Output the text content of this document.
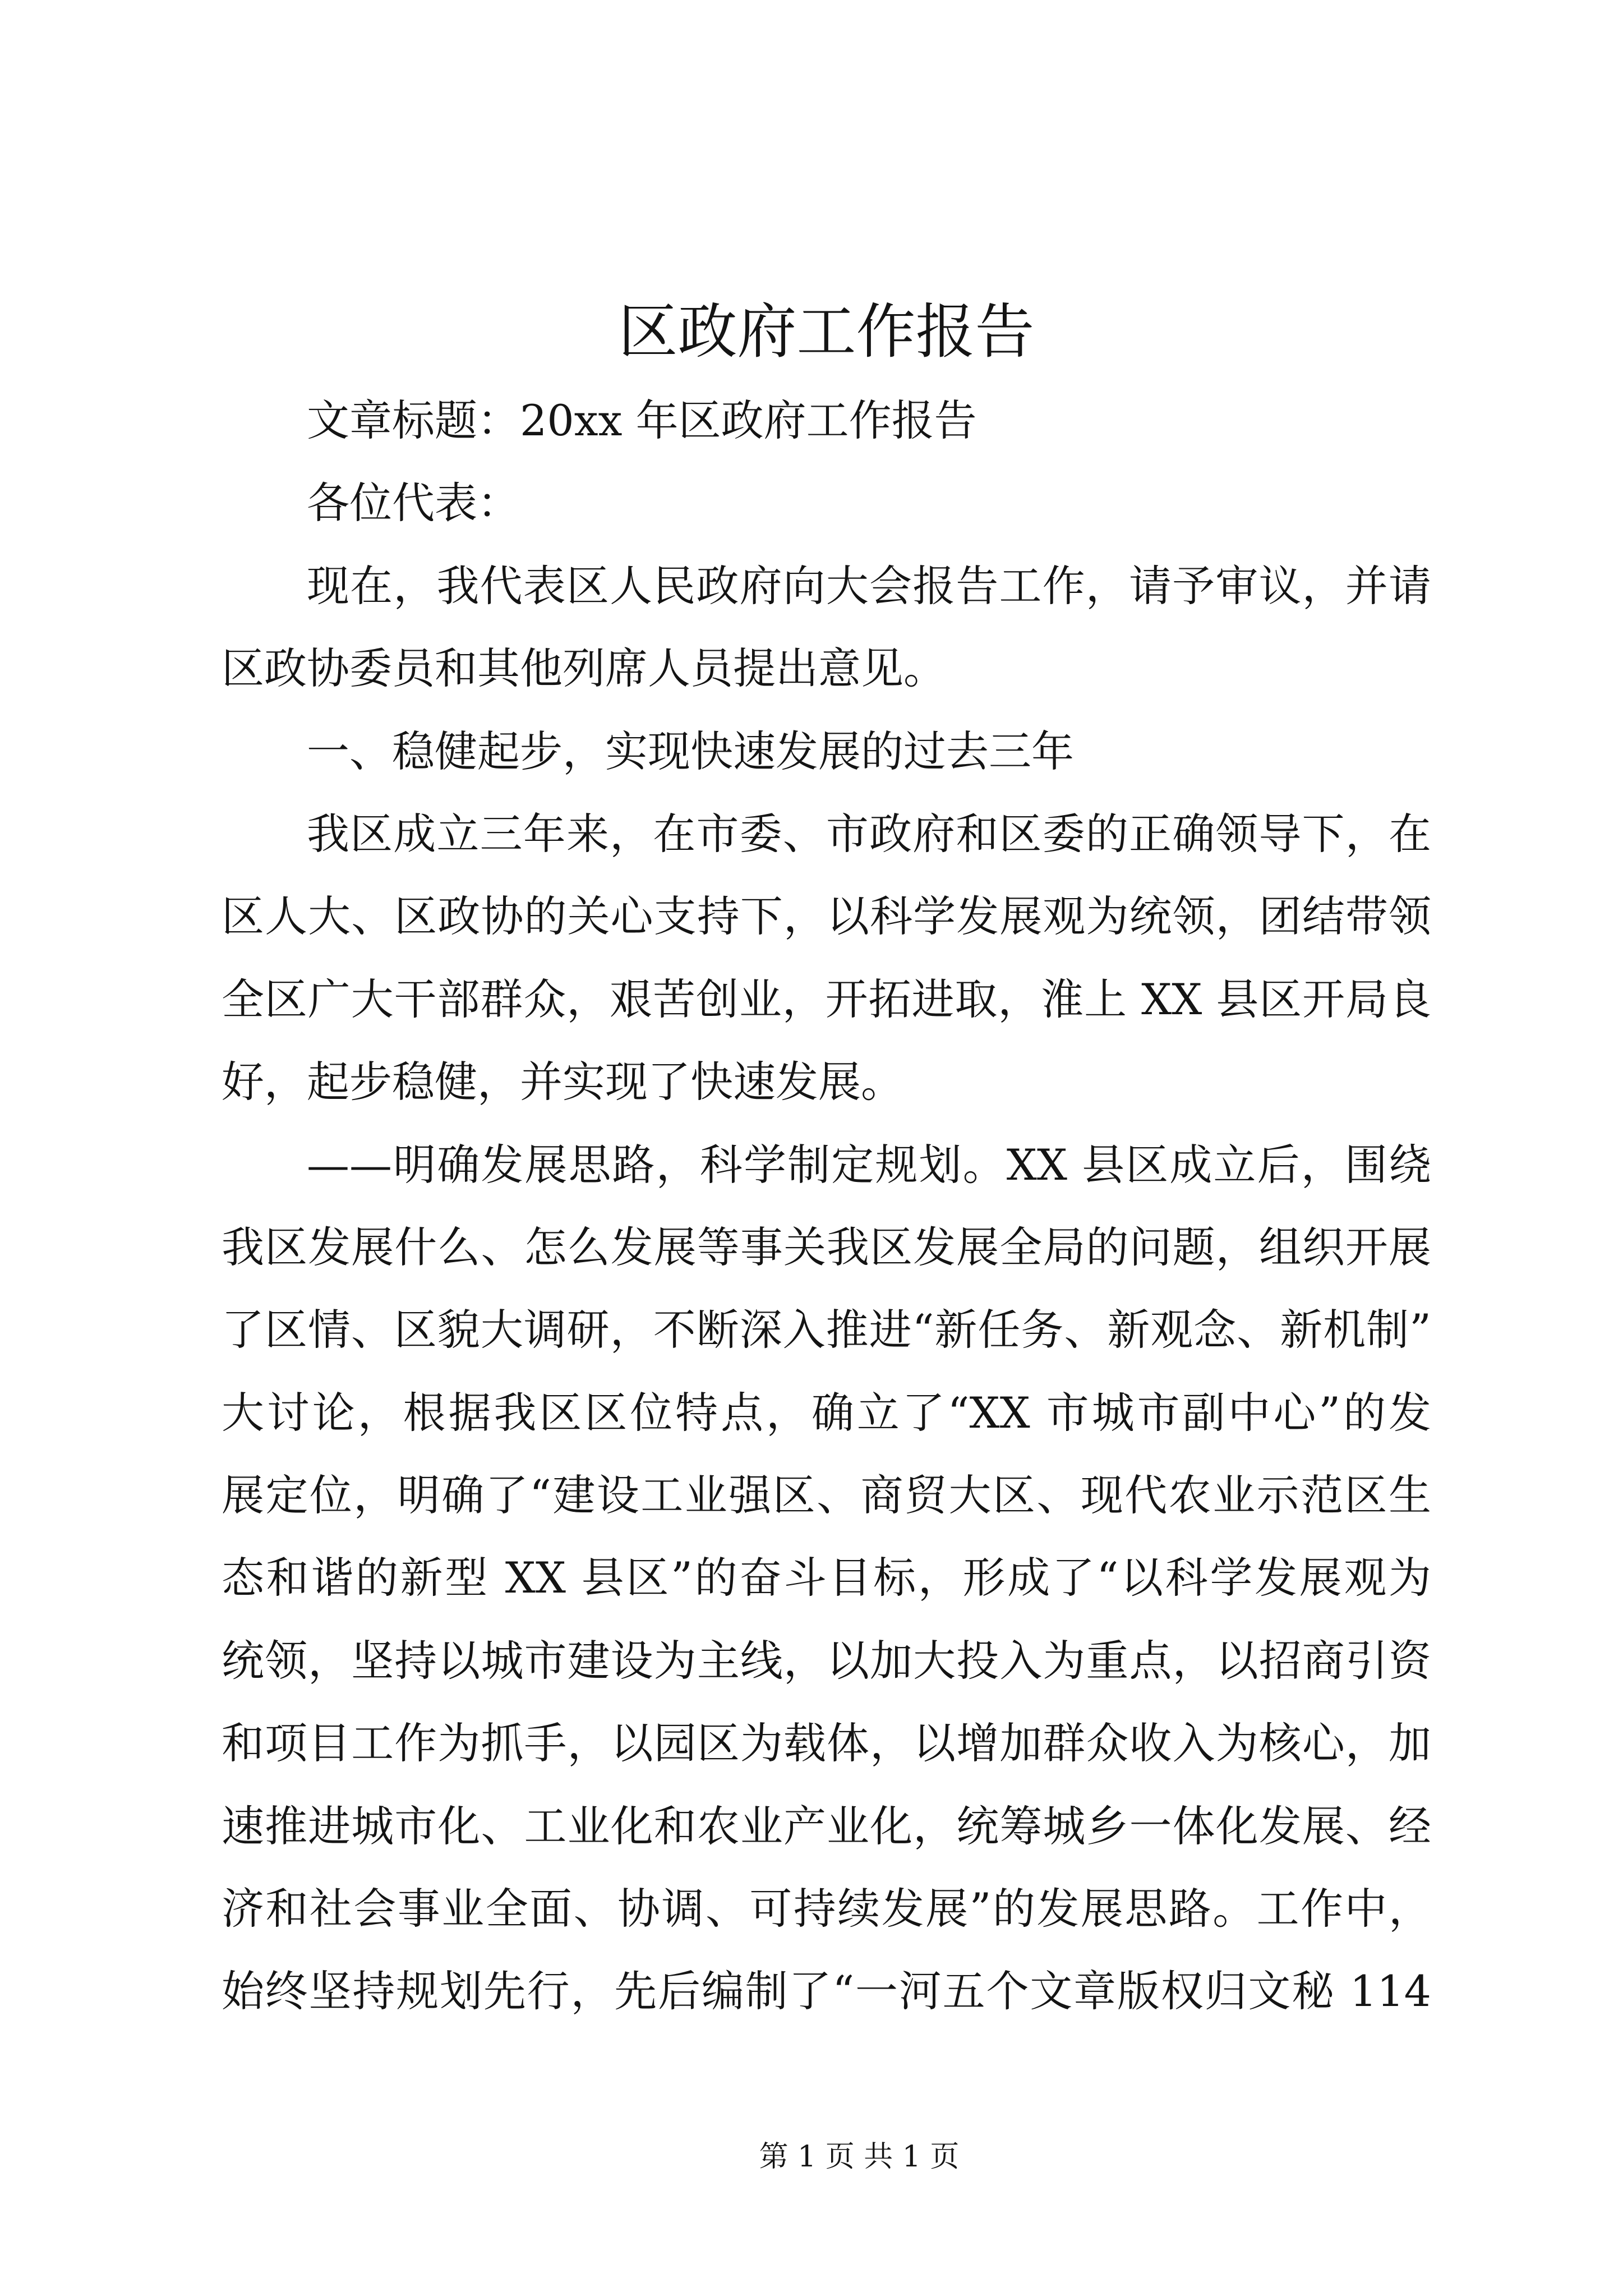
区政府工作报告
文章标题：20xx 年区政府工作报告
各位代表：
现在，我代表区人民政府向大会报告工作，请予审议，并请
区政协委员和其他列席人员提出意见。
一、稳健起步，实现快速发展的过去三年
我区成立三年来，在市委、市政府和区委的正确领导下，在
区人大、区政协的关心支持下，以科学发展观为统领，团结带领
全区广大干部群众，艰苦创业，开拓进取，淮上 XX 县区开局良
好，起步稳健，并实现了快速发展。
——明确发展思路，科学制定规划。XX 县区成立后，围绕
我区发展什么、怎么发展等事关我区发展全局的问题，组织开展
了区情、区貌大调研，不断深入推进“新任务、新观念、新机制”
大讨论，根据我区区位特点，确立了“XX 市城市副中心”的发
展定位，明确了“建设工业强区、商贸大区、现代农业示范区生
态和谐的新型 XX 县区”的奋斗目标，形成了“以科学发展观为
统领，坚持以城市建设为主线，以加大投入为重点，以招商引资
和项目工作为抓手，以园区为载体，以增加群众收入为核心，加
速推进城市化、工业化和农业产业化，统筹城乡一体化发展、经
济和社会事业全面、协调、可持续发展”的发展思路。工作中，
始终坚持规划先行，先后编制了“一河五个文章版权归文秘 114
第 1 页 共 1 页
